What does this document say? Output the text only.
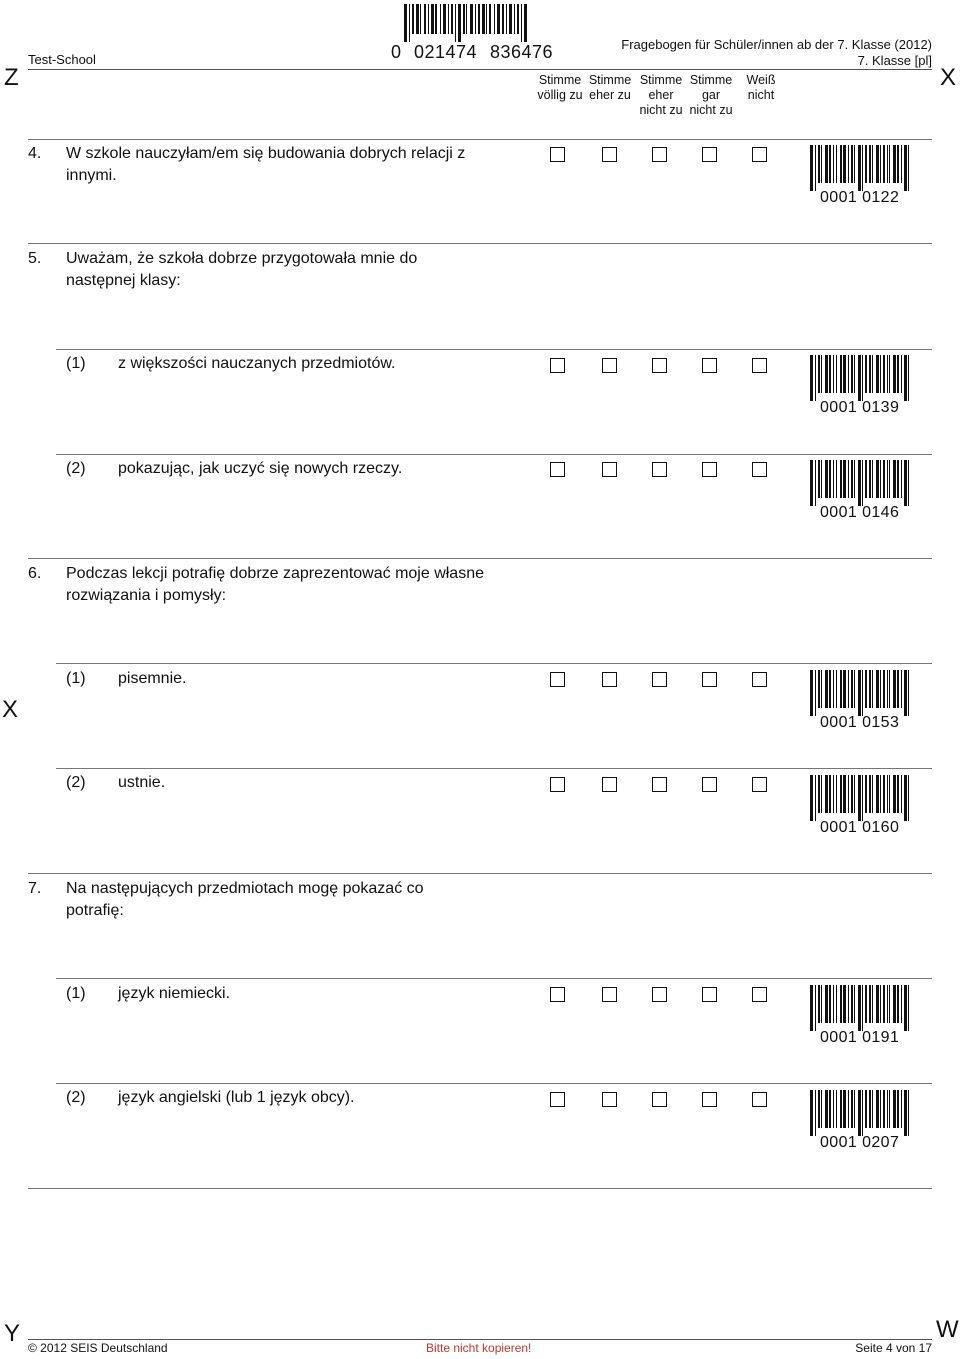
Z	X
Y	W
X
Test-School	0 021474 836476	Fragebogen für Schüler/innen ab der 7. Klasse (2012)
7. Klasse [pl]
Stimme
völlig zu
Stimme
eher zu
Stimme
eher
nicht zu
Stimme
gar
nicht zu
Weiß
nicht
4. W szkole nauczyłam/em się budowania dobrych relacji z
innymi.
0001 0122
5. Uważam, że szkoła dobrze przygotowała mnie do
następnej klasy:
(1) z większości nauczanych przedmiotów.
0001 0139
(2) pokazując, jak uczyć się nowych rzeczy.
0001 0146
6. Podczas lekcji potrafię dobrze zaprezentować moje własne
rozwiązania i pomysły:
(1) pisemnie.
0001 0153
(2) ustnie.
0001 0160
7. Na następujących przedmiotach mogę pokazać co
potrafię:
(1) język niemiecki.
0001 0191
(2) język angielski (lub 1 język obcy).
0001 0207
© 2012 SEIS Deutschland	Bitte nicht kopieren!	Seite 4 von 17
